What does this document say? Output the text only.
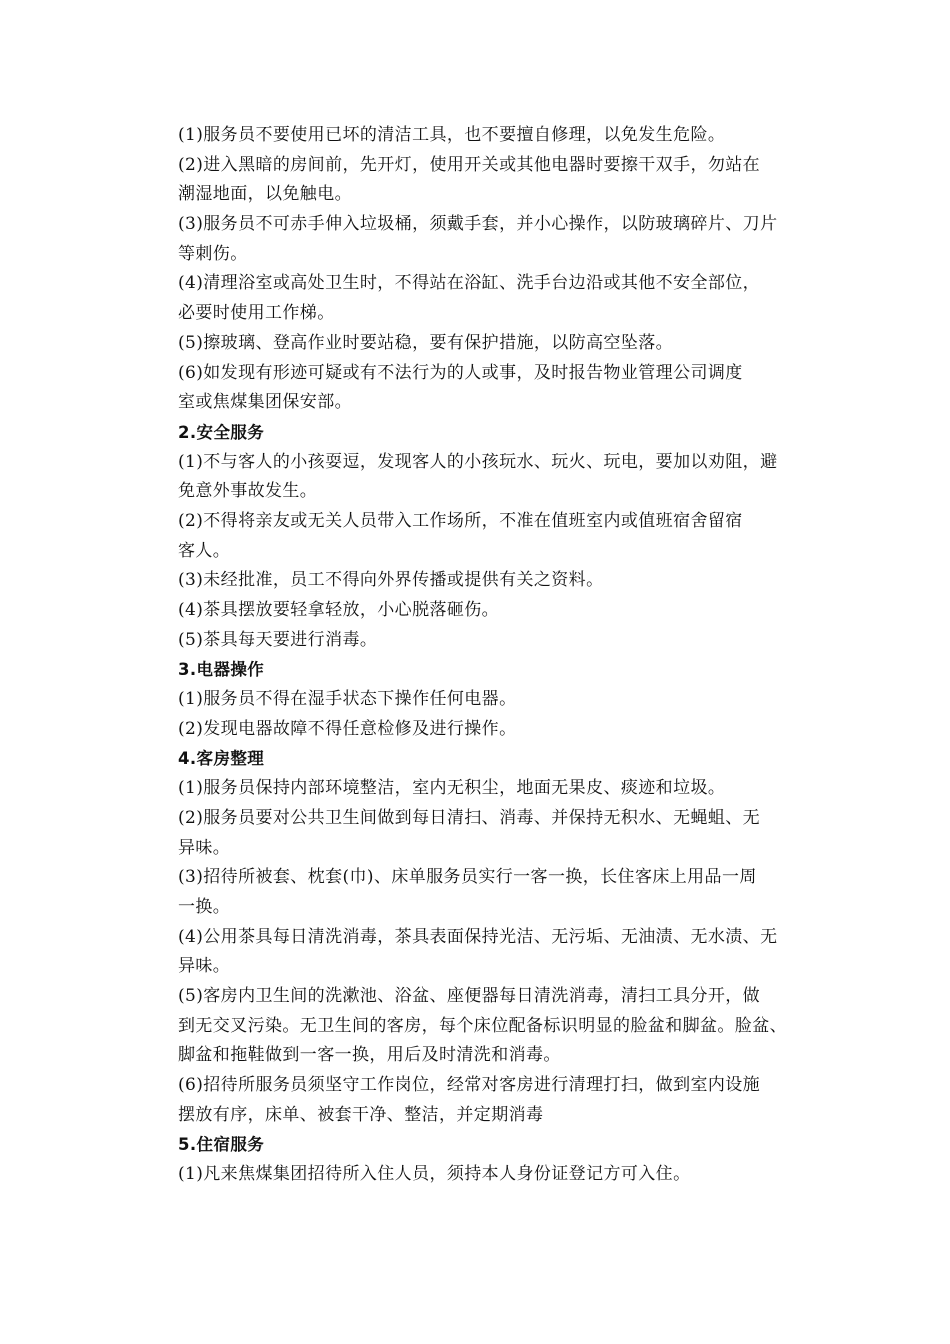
(1)服务员不要使用已坏的清洁工具，也不要擅自修理，以免发生危险。
(2)进入黑暗的房间前，先开灯，使用开关或其他电器时要擦干双手，勿站在
潮湿地面，以免触电。
(3)服务员不可赤手伸入垃圾桶，须戴手套，并小心操作，以防玻璃碎片、刀片
等刺伤。
(4)清理浴室或高处卫生时，不得站在浴缸、洗手台边沿或其他不安全部位，
必要时使用工作梯。
(5)擦玻璃、登高作业时要站稳，要有保护措施，以防高空坠落。
(6)如发现有形迹可疑或有不法行为的人或事，及时报告物业管理公司调度
室或焦煤集团保安部。
2.安全服务
(1)不与客人的小孩耍逗，发现客人的小孩玩水、玩火、玩电，要加以劝阻，避
免意外事故发生。
(2)不得将亲友或无关人员带入工作场所，不准在值班室内或值班宿舍留宿
客人。
(3)未经批准，员工不得向外界传播或提供有关之资料。
(4)茶具摆放要轻拿轻放，小心脱落砸伤。
(5)茶具每天要进行消毒。
3.电器操作
(1)服务员不得在湿手状态下操作任何电器。
(2)发现电器故障不得任意检修及进行操作。
4.客房整理
(1)服务员保持内部环境整洁，室内无积尘，地面无果皮、痰迹和垃圾。
(2)服务员要对公共卫生间做到每日清扫、消毒、并保持无积水、无蝇蛆、无
异味。
(3)招待所被套、枕套(巾)、床单服务员实行一客一换，长住客床上用品一周
一换。
(4)公用茶具每日清洗消毒，茶具表面保持光洁、无污垢、无油渍、无水渍、无
异味。
(5)客房内卫生间的洗漱池、浴盆、座便器每日清洗消毒，清扫工具分开，做
到无交叉污染。无卫生间的客房，每个床位配备标识明显的脸盆和脚盆。脸盆、
脚盆和拖鞋做到一客一换，用后及时清洗和消毒。
(6)招待所服务员须坚守工作岗位，经常对客房进行清理打扫，做到室内设施
摆放有序，床单、被套干净、整洁，并定期消毒
5.住宿服务
(1)凡来焦煤集团招待所入住人员，须持本人身份证登记方可入住。
